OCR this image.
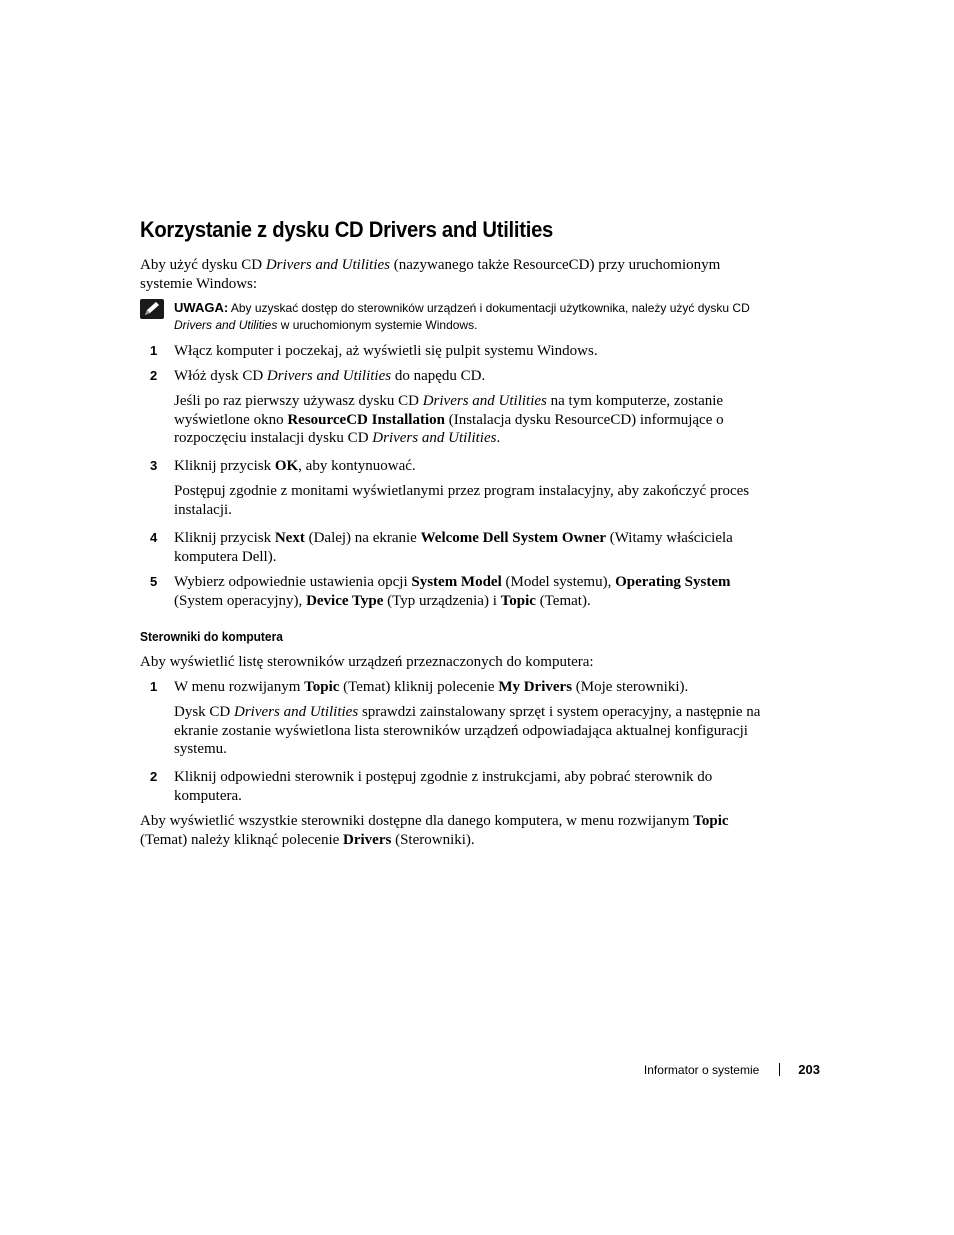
Korzystanie z dysku CD Drivers and Utilities
Aby użyć dysku CD Drivers and Utilities (nazywanego także ResourceCD) przy uruchomionym systemie Windows:
UWAGA: Aby uzyskać dostęp do sterowników urządzeń i dokumentacji użytkownika, należy użyć dysku CD Drivers and Utilities w uruchomionym systemie Windows.
1 Włącz komputer i poczekaj, aż wyświetli się pulpit systemu Windows.
2 Włóż dysk CD Drivers and Utilities do napędu CD.
Jeśli po raz pierwszy używasz dysku CD Drivers and Utilities na tym komputerze, zostanie wyświetlone okno ResourceCD Installation (Instalacja dysku ResourceCD) informujące o rozpoczęciu instalacji dysku CD Drivers and Utilities.
3 Kliknij przycisk OK, aby kontynuować.
Postępuj zgodnie z monitami wyświetlanymi przez program instalacyjny, aby zakończyć proces instalacji.
4 Kliknij przycisk Next (Dalej) na ekranie Welcome Dell System Owner (Witamy właściciela komputera Dell).
5 Wybierz odpowiednie ustawienia opcji System Model (Model systemu), Operating System (System operacyjny), Device Type (Typ urządzenia) i Topic (Temat).
Sterowniki do komputera
Aby wyświetlić listę sterowników urządzeń przeznaczonych do komputera:
1 W menu rozwijanym Topic (Temat) kliknij polecenie My Drivers (Moje sterowniki).
Dysk CD Drivers and Utilities sprawdzi zainstalowany sprzęt i system operacyjny, a następnie na ekranie zostanie wyświetlona lista sterowników urządzeń odpowiadająca aktualnej konfiguracji systemu.
2 Kliknij odpowiedni sterownik i postępuj zgodnie z instrukcjami, aby pobrać sterownik do komputera.
Aby wyświetlić wszystkie sterowniki dostępne dla danego komputera, w menu rozwijanym Topic (Temat) należy kliknąć polecenie Drivers (Sterowniki).
Informator o systemie	203
